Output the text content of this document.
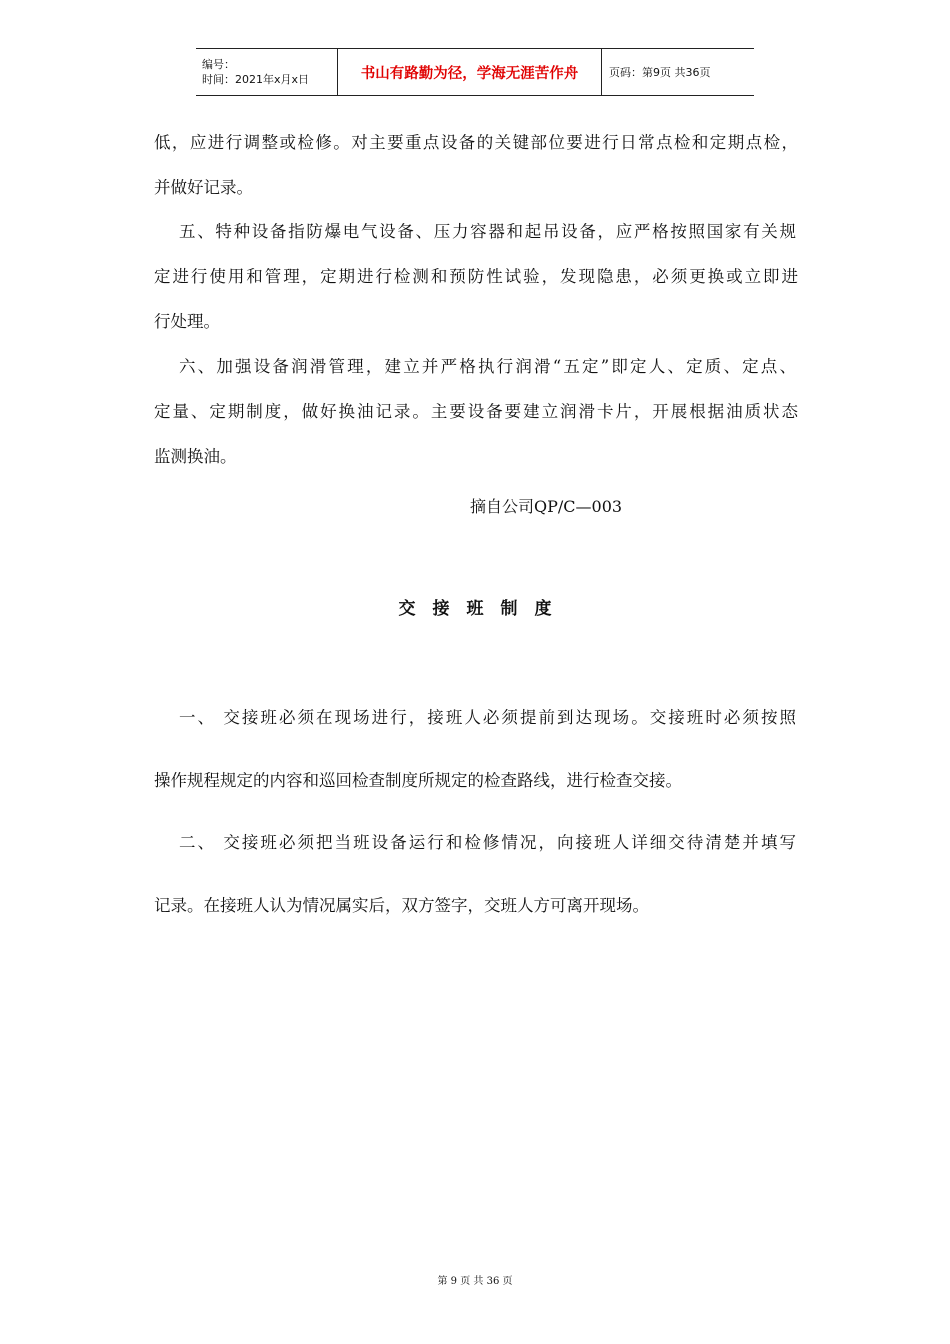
编号：
时间：2021年x月x日	书山有路勤为径，学海无涯苦作舟	页码：第9页 共36页
低，应进行调整或检修。对主要重点设备的关键部位要进行日常点检和定期点检，
并做好记录。
五、特种设备指防爆电气设备、压力容器和起吊设备，应严格按照国家有关规
定进行使用和管理，定期进行检测和预防性试验，发现隐患，必须更换或立即进
行处理。
六、加强设备润滑管理，建立并严格执行润滑“五定”即定人、定质、定点、
定量、定期制度，做好换油记录。主要设备要建立润滑卡片，开展根据油质状态
监测换油。
摘自公司QP/C—003
交接班制度
一、 交接班必须在现场进行，接班人必须提前到达现场。交接班时必须按照
操作规程规定的内容和巡回检查制度所规定的检查路线，进行检查交接。
二、 交接班必须把当班设备运行和检修情况，向接班人详细交待清楚并填写
记录。在接班人认为情况属实后，双方签字，交班人方可离开现场。
第 9 页 共 36 页
